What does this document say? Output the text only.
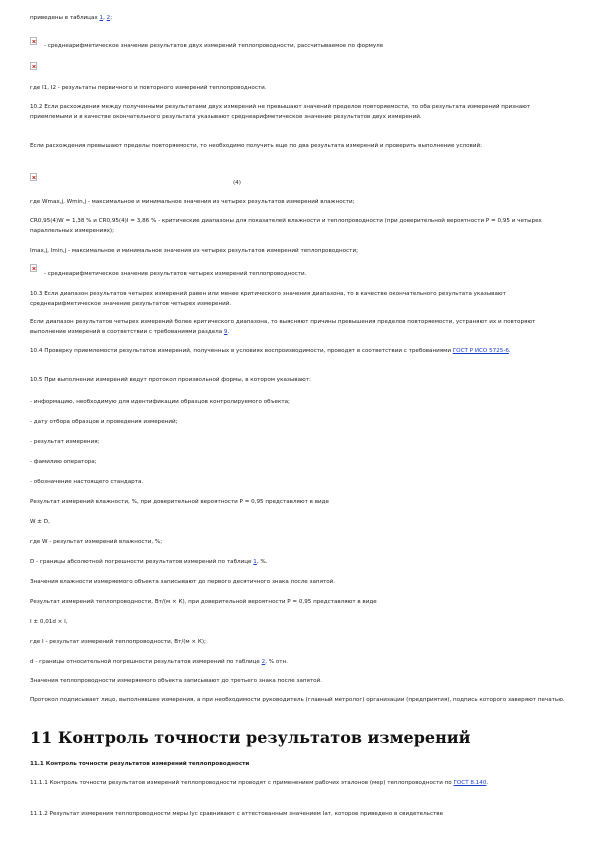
приведены в таблицах 1, 2;
- среднеарифметическое значение результатов двух измерений теплопроводности, рассчитываемое по формуле
где I1, I2 - результаты первичного и повторного измерений теплопроводности.
10.2 Если расхождения между полученными результатами двух измерений не превышают значений пределов повторяемости, то оба результата измерений признают приемлемыми и в качестве окончательного результата указывают среднеарифметическое значение результатов двух измерений.
Если расхождения превышают пределы повторяемости, то необходимо получить еще по два результата измерений и проверить выполнение условий:
(4)
где Wmax,j, Wmin,j - максимальное и минимальное значения из четырех результатов измерений влажности;
CR0,95(4)W = 1,38 % и CR0,95(4)I = 3,86 % - критические диапазоны для показателей влажности и теплопроводности (при доверительной вероятности P = 0,95 и четырех параллельных измерениях);
Imax,j, Imin,j - максимальное и минимальное значения из четырех результатов измерений теплопроводности;
- среднеарифметическое значение результатов четырех измерений теплопроводности.
10.3 Если диапазон результатов четырех измерений равен или менее критического значения диапазона, то в качестве окончательного результата указывают среднеарифметическое значение результатов четырех измерений.
Если диапазон результатов четырех измерений более критического диапазона, то выясняют причины превышения пределов повторяемости, устраняют их и повторяют выполнение измерений в соответствии с требованиями раздела 9.
10.4 Проверку приемлемости результатов измерений, полученных в условиях воспроизводимости, проводят в соответствии с требованиями ГОСТ Р ИСО 5725-6.
10.5 При выполнении измерений ведут протокол произвольной формы, в котором указывают:
- информацию, необходимую для идентификации образцов контролируемого объекта;
- дату отбора образцов и проведения измерений;
- результат измерения;
- фамилию оператора;
- обозначение настоящего стандарта.
Результат измерений влажности, %, при доверительной вероятности P = 0,95 представляют в виде
W ± D,
где W - результат измерений влажности, %;
D - границы абсолютной погрешности результатов измерений по таблице 1, %.
Значения влажности измеряемого объекта записывают до первого десятичного знака после запятой.
Результат измерений теплопроводности, Вт/(м × К), при доверительной вероятности P = 0,95 представляют в виде
I ± 0,01d × I,
где I - результат измерений теплопроводности, Вт/(м × К);
d - границы относительной погрешности результатов измерений по таблице 2, % отн.
Значения теплопроводности измеряемого объекта записывают до третьего знака после запятой.
Протокол подписывает лицо, выполнявшее измерения, а при необходимости руководитель (главный метролог) организации (предприятия), подпись которого заверяют печатью.
11 Контроль точности результатов измерений
11.1 Контроль точности результатов измерений теплопроводности
11.1.1 Контроль точности результатов измерений теплопроводности проводят с применением рабочих эталонов (мер) теплопроводности по ГОСТ 8.140.
11.1.2 Результат измерения теплопроводности меры Iус сравнивают с аттестованным значением Iат, которое приведено в свидетельстве
